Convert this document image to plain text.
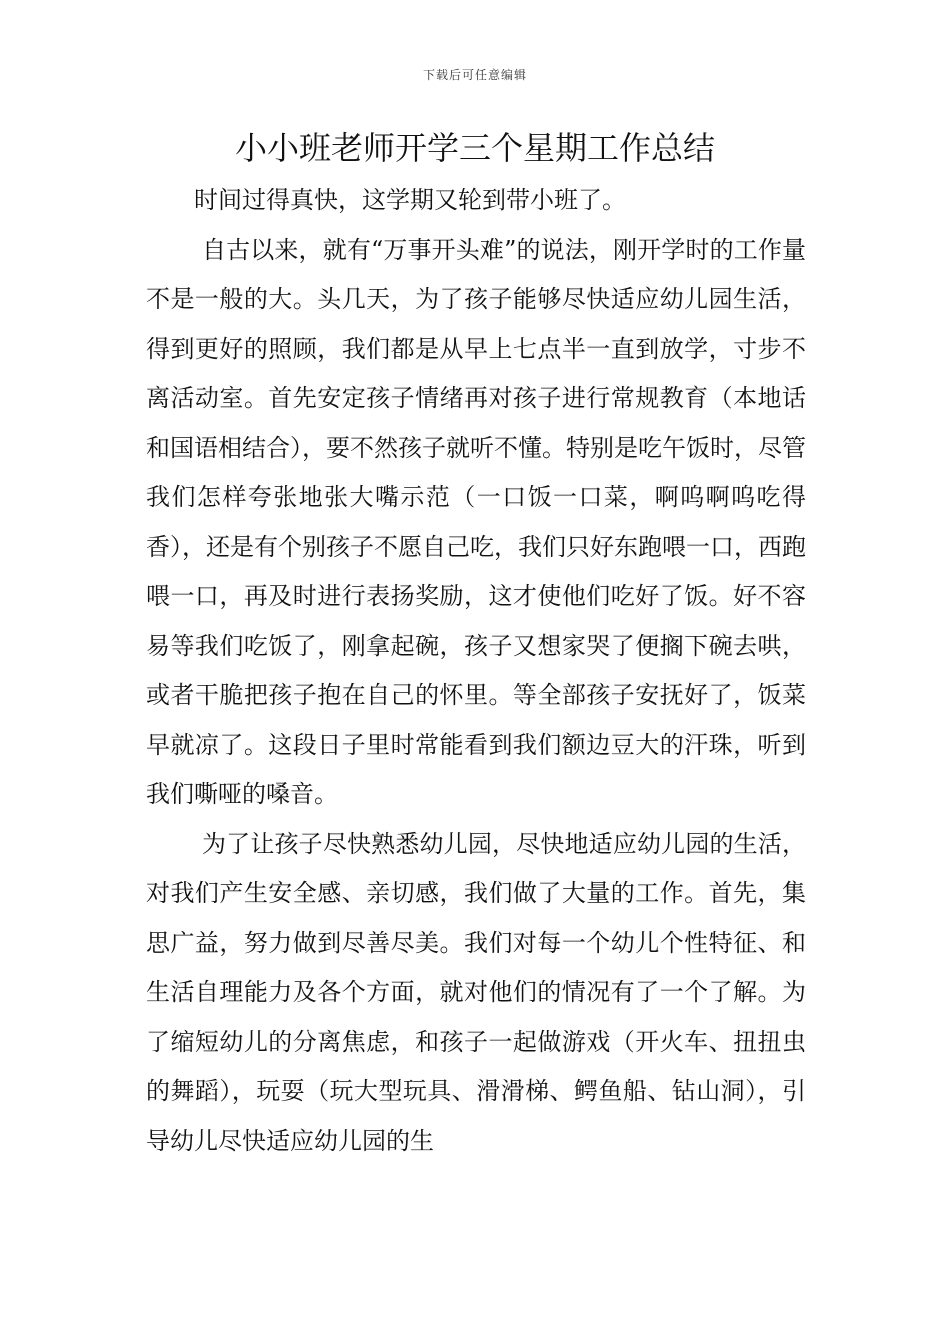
下载后可任意编辑
小小班老师开学三个星期工作总结

时间过得真快，这学期又轮到带小班了。

自古以来，就有“万事开头难”的说法，刚开学时的工作量不是一般的大。头几天，为了孩子能够尽快适应幼儿园生活，得到更好的照顾，我们都是从早上七点半一直到放学，寸步不离活动室。首先安定孩子情绪再对孩子进行常规教育（本地话和国语相结合），要不然孩子就听不懂。特别是吃午饭时，尽管我们怎样夸张地张大嘴示范（一口饭一口菜，啊呜啊呜吃得香），还是有个别孩子不愿自己吃，我们只好东跑喂一口，西跑喂一口，再及时进行表扬奖励，这才使他们吃好了饭。好不容易等我们吃饭了，刚拿起碗，孩子又想家哭了便搁下碗去哄，或者干脆把孩子抱在自己的怀里。等全部孩子安抚好了，饭菜早就凉了。这段日子里时常能看到我们额边豆大的汗珠，听到我们嘶哑的嗓音。

为了让孩子尽快熟悉幼儿园，尽快地适应幼儿园的生活，对我们产生安全感、亲切感，我们做了大量的工作。首先，集思广益，努力做到尽善尽美。我们对每一个幼儿个性特征、和生活自理能力及各个方面，就对他们的情况有了一个了解。为了缩短幼儿的分离焦虑，和孩子一起做游戏（开火车、扭扭虫的舞蹈），玩耍（玩大型玩具、滑滑梯、鳄鱼船、钻山洞），引导幼儿尽快适应幼儿园的生
